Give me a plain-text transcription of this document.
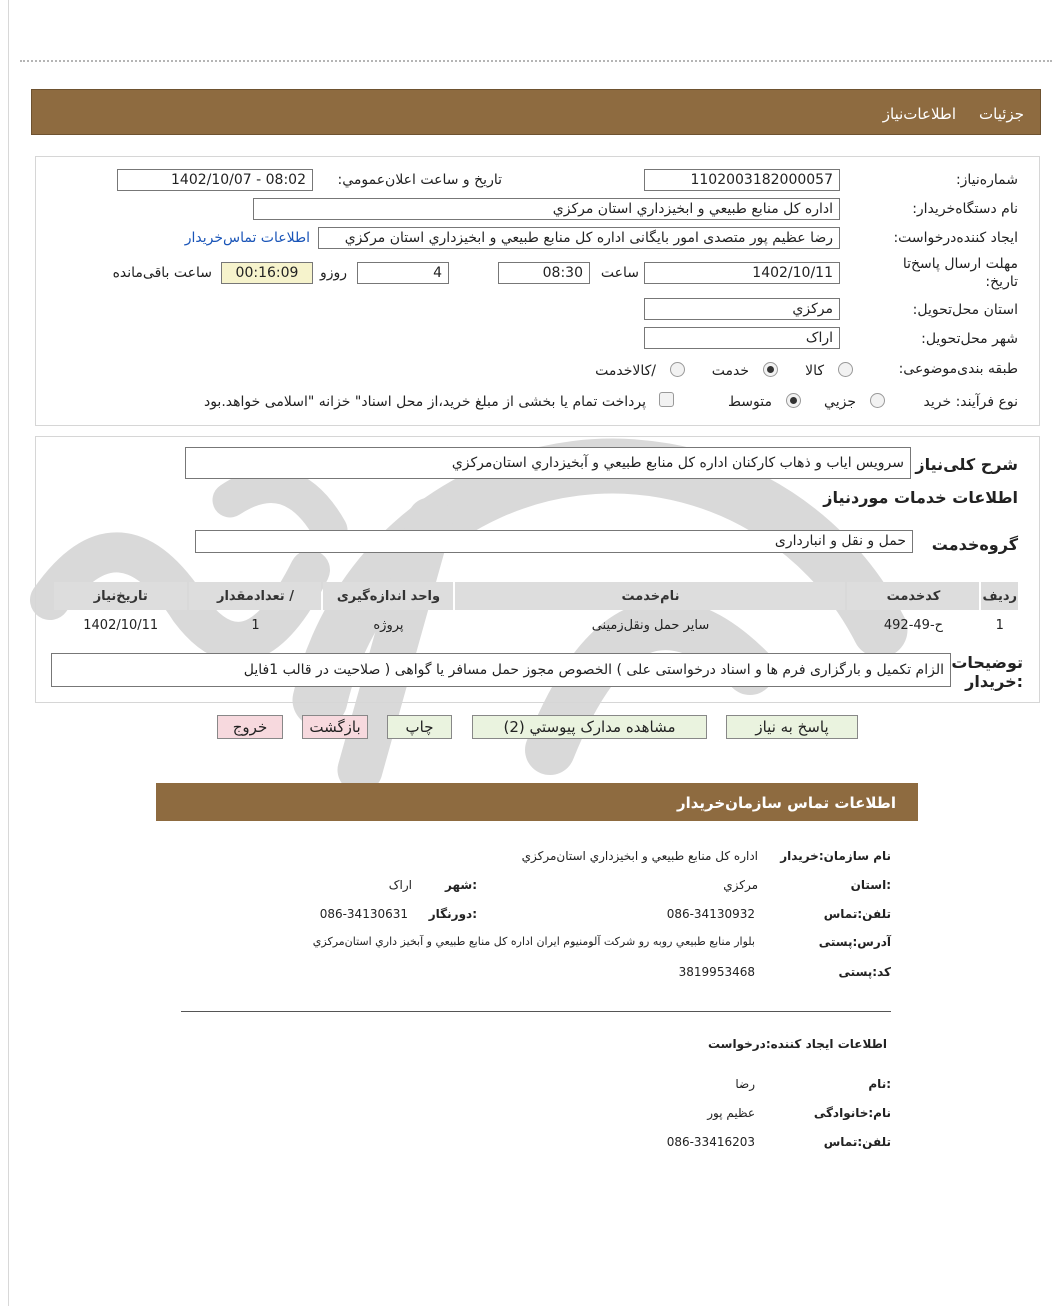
جزئیات
اطلاعات‌نیاز
شماره‌نیاز:
1102003182000057
تاريخ و ساعت اعلان‌عمومي:
1402/10/07 - 08:02
نام دستگاه‌خریدار:
اداره کل منابع طبيعي و ابخيزداري استان مرکزي
ایجاد کننده‌درخواست:
رضا عظيم پور متصدی امور بايگانی اداره کل منابع طبيعي و ابخيزداري استان مرکزي
اطلاعات تماس‌خریدار
مهلت ارسال پاسخ‌تا
تاریخ:
1402/10/11
ساعت
08:30
4
روزو
00:16:09
ساعت باقی‌مانده
استان محل‌تحویل:
مرکزي
شهر محل‌تحویل:
اراک
طبقه بندی‌موضوعی:
کالا
خدمت
/کالاخدمت
نوع فرآیند: خرید
جزیي
متوسط
پرداخت تمام یا بخشی از مبلغ خرید،از محل اسناد" خزانه "اسلامی خواهد.بود
شرح کلی‌نیاز
سرويس اياب و ذهاب کارکنان اداره کل منابع طبيعي و آبخيزداري استان‌مرکزي
اطلاعات خدمات موردنیاز
گروه‌خدمت
حمل و نقل و انبارداری
ردیف	کدخدمت	نام‌خدمت	واحد اندازه‌گیری	/ تعدادمقدار	تاریخ‌نیاز
1	ح-49-492	سایر حمل ونقل‌زمینی	پروژه	1	1402/10/11
توضیحات
:خریدار
الزام تکمیل و بارگزاری فرم ها و اسناد درخواستی علی ) الخصوص مجوز حمل مسافر یا گواهی ( صلاحیت در قالب 1فایل
پاسخ به نیاز
مشاهده مدارک پیوستي (2)
چاپ
بازگشت
خروج
اطلاعات تماس سازمان‌خریدار
نام سازمان:خریدار
اداره کل منابع طبيعي و ابخيزداري استان‌مرکزي
:استان
مرکزي
:شهر
اراک
تلفن:تماس
086-34130932
:دورنگار
086-34130631
آدرس:پستی
بلوار منابع طبيعي روبه رو شرکت آلومنيوم ايران اداره کل منابع طبيعي و آبخيز داري استان‌مرکزي
کد:پستی
3819953468
اطلاعات ایجاد کننده:درخواست
:نام
رضا
نام:خانوادگی
عظيم پور
تلفن:تماس
086-33416203
